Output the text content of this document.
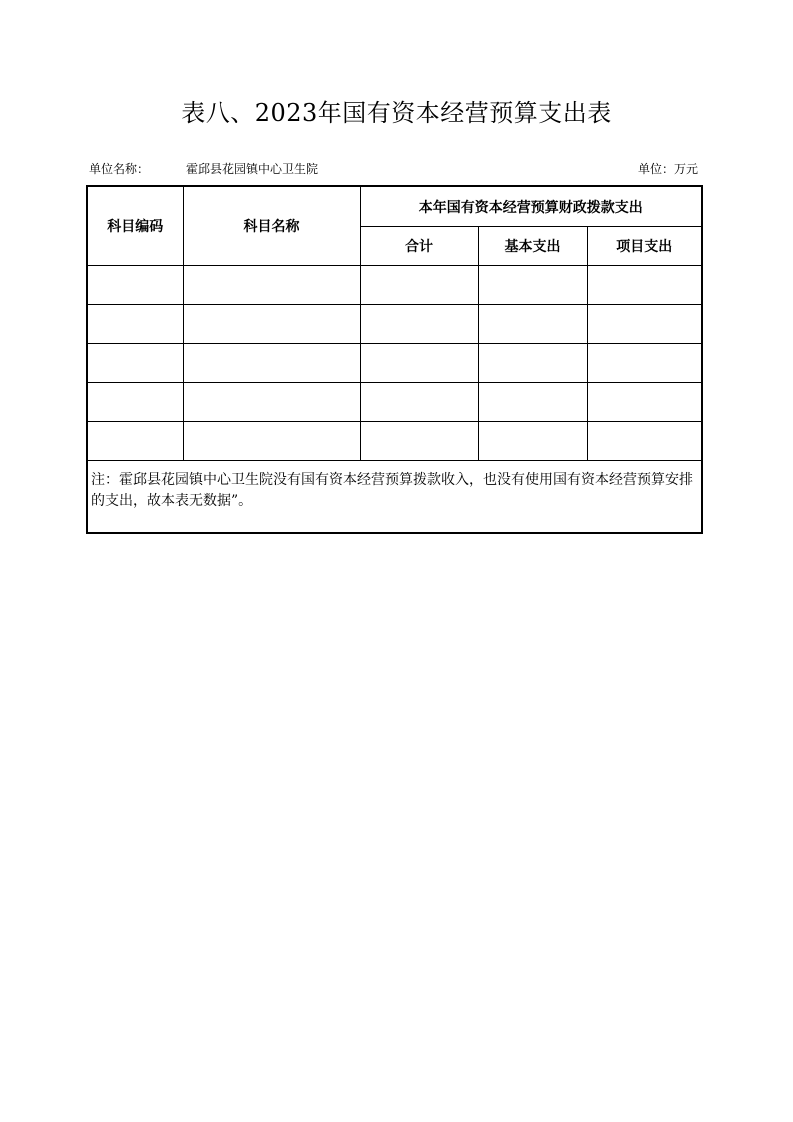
表八、2023年国有资本经营预算支出表
单位名称：	霍邱县花园镇中心卫生院	单位：万元
科目编码	科目名称	本年国有资本经营预算财政拨款支出		
		合计	基本支出	项目支出

注：霍邱县花园镇中心卫生院没有国有资本经营预算拨款收入，也没有使用国有资本经营预算安排的支出，故本表无数据”。				
